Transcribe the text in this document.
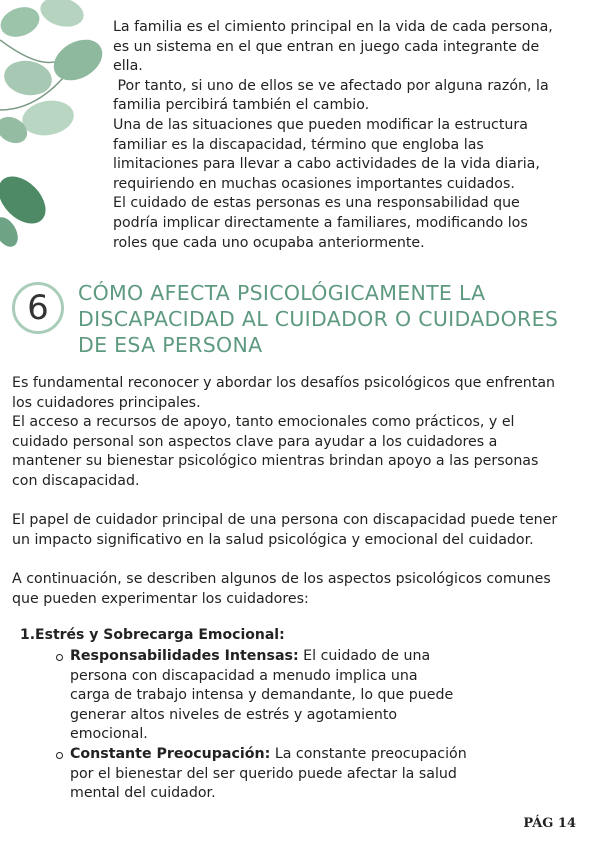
La familia es el cimiento principal en la vida de cada persona,

es un sistema en el que entran en juego cada integrante de

ella.

Por tanto, si uno de ellos se ve afectado por alguna razón, la

familia percibirá también el cambio.

Una de las situaciones que pueden modificar la estructura

familiar es la discapacidad, término que engloba las

limitaciones para llevar a cabo actividades de la vida diaria,

requiriendo en muchas ocasiones importantes cuidados.

El cuidado de estas personas es una responsabilidad que

podría implicar directamente a familiares, modificando los

roles que cada uno ocupaba anteriormente.

6	CÓMO AFECTA PSICOLÓGICAMENTE LA
DISCAPACIDAD AL CUIDADOR O CUIDADORES
DE ESA PERSONA

Es fundamental reconocer y abordar los desafíos psicológicos que enfrentan

los cuidadores principales.

El acceso a recursos de apoyo, tanto emocionales como prácticos, y el

cuidado personal son aspectos clave para ayudar a los cuidadores a

mantener su bienestar psicológico mientras brindan apoyo a las personas

con discapacidad.

El papel de cuidador principal de una persona con discapacidad puede tener

un impacto significativo en la salud psicológica y emocional del cuidador.

A continuación, se describen algunos de los aspectos psicológicos comunes

que pueden experimentar los cuidadores:

1.Estrés y Sobrecarga Emocional:
Responsabilidades Intensas: El cuidado de una
persona con discapacidad a menudo implica una
carga de trabajo intensa y demandante, lo que puede
generar altos niveles de estrés y agotamiento
emocional.
Constante Preocupación: La constante preocupación
por el bienestar del ser querido puede afectar la salud
mental del cuidador.
PÁG 14
